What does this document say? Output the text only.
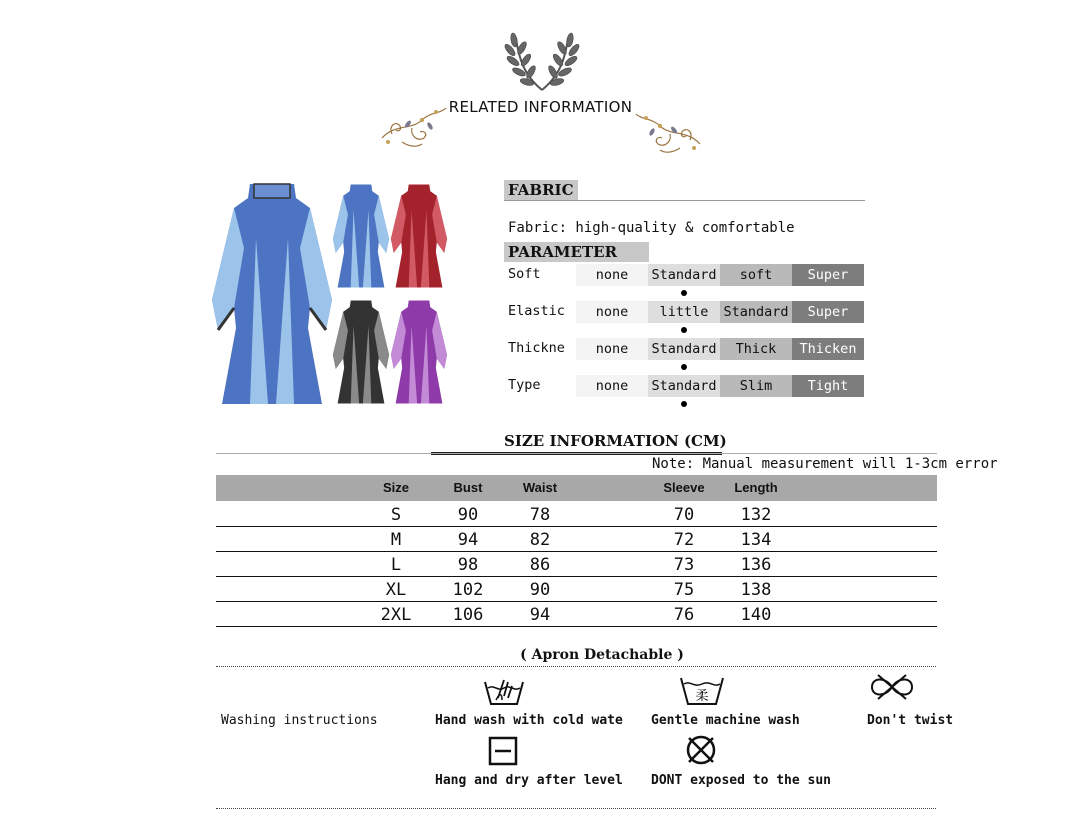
RELATED INFORMATION
FABRIC
Fabric: high-quality & comfortable
PARAMETER
Soft	none	Standard	soft	Super
Elastic	none	little	Standard	Super
Thickne	none	Standard	Thick	Thicken
Type	none	Standard	Slim	Tight
SIZE INFORMATION (CM)
Note: Manual measurement will 1-3cm error
Size	Bust	Waist	Sleeve	Length
S	90	78	70	132
M	94	82	72	134
L	98	86	73	136
XL	102	90	75	138
2XL	106	94	76	140
( Apron Detachable )
Washing instructions	Hand wash with cold wate
柔
Gentle machine wash	Don't twist
Hang and dry after level DONT exposed to the sun
